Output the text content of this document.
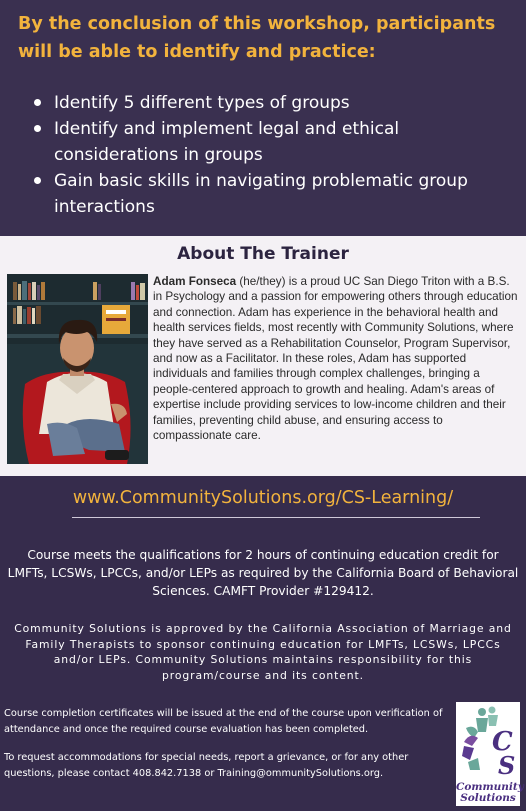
By the conclusion of this workshop, participants will be able to identify and practice:
Identify 5 different types of groups
Identify and implement legal and ethical considerations in groups
Gain basic skills in navigating problematic group interactions
About The Trainer
Adam Fonseca (he/they) is a proud UC San Diego Triton with a B.S. in Psychology and a passion for empowering others through education and connection. Adam has experience in the behavioral health and health services fields, most recently with Community Solutions, where they have served as a Rehabilitation Counselor, Program Supervisor, and now as a Facilitator. In these roles, Adam has supported individuals and families through complex challenges, bringing a people-centered approach to growth and healing. Adam's areas of expertise include providing services to low-income children and their families, preventing child abuse, and ensuring access to compassionate care.
www.CommunitySolutions.org/CS-Learning/
Course meets the qualifications for 2 hours of continuing education credit for LMFTs, LCSWs, LPCCs, and/or LEPs as required by the California Board of Behavioral Sciences. CAMFT Provider #129412.
Community Solutions is approved by the California Association of Marriage and Family Therapists to sponsor continuing education for LMFTs, LCSWs, LPCCs and/or LEPs. Community Solutions maintains responsibility for this program/course and its content.

Course completion certificates will be issued at the end of the course upon verification of attendance and once the required course evaluation has been completed.

To request accommodations for special needs, report a grievance, or for any other questions, please contact 408.842.7138 or Training@ommunitySolutions.org.

C
S
Community
Solutions
